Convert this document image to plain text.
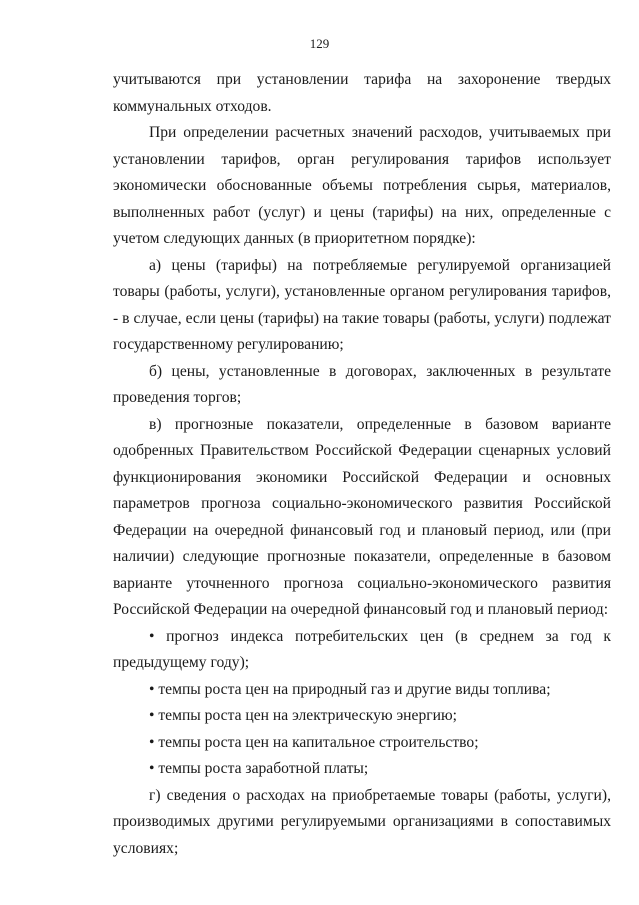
129

учитываются при установлении тарифа на захоронение твердых коммунальных отходов.

При определении расчетных значений расходов, учитываемых при установлении тарифов, орган регулирования тарифов использует экономически обоснованные объемы потребления сырья, материалов, выполненных работ (услуг) и цены (тарифы) на них, определенные с учетом следующих данных (в приоритетном порядке):

а) цены (тарифы) на потребляемые регулируемой организацией товары (работы, услуги), установленные органом регулирования тарифов, - в случае, если цены (тарифы) на такие товары (работы, услуги) подлежат государственному регулированию;

б) цены, установленные в договорах, заключенных в результате проведения торгов;

в) прогнозные показатели, определенные в базовом варианте одобренных Правительством Российской Федерации сценарных условий функционирования экономики Российской Федерации и основных параметров прогноза социально-экономического развития Российской Федерации на очередной финансовый год и плановый период, или (при наличии) следующие прогнозные показатели, определенные в базовом варианте уточненного прогноза социально-экономического развития Российской Федерации на очередной финансовый год и плановый период:

• прогноз индекса потребительских цен (в среднем за год к предыдущему году);

• темпы роста цен на природный газ и другие виды топлива;

• темпы роста цен на электрическую энергию;

• темпы роста цен на капитальное строительство;

• темпы роста заработной платы;

г) сведения о расходах на приобретаемые товары (работы, услуги), производимых другими регулируемыми организациями в сопоставимых условиях;
